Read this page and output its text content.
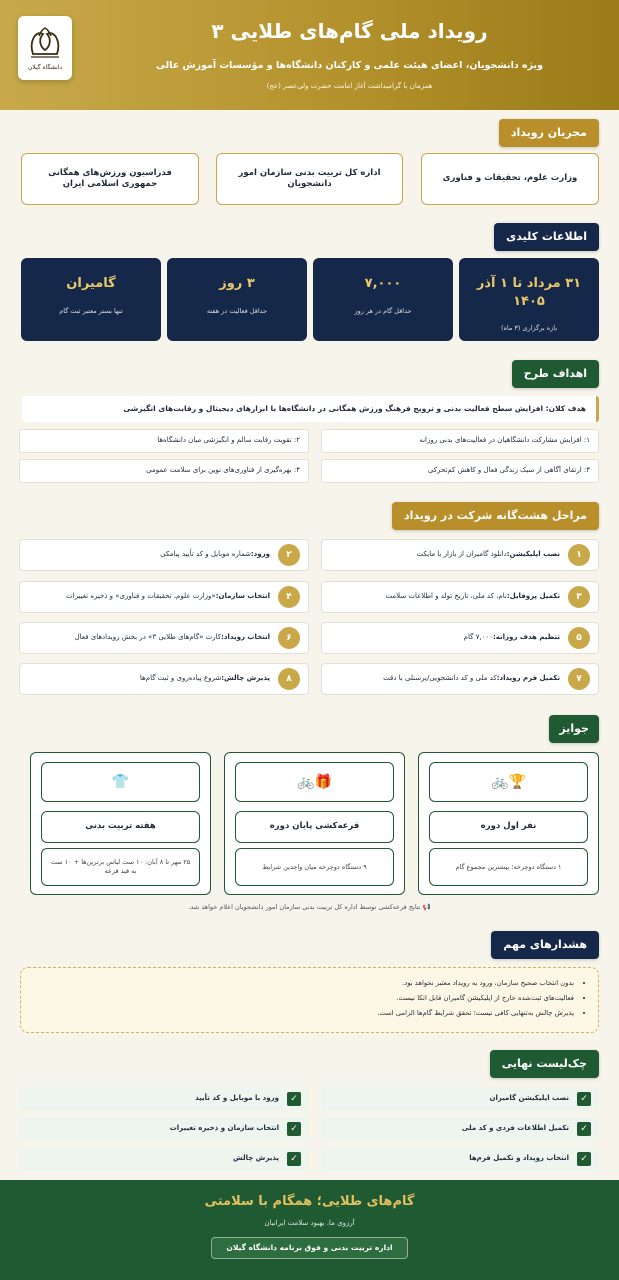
دانشگاه گیلان
رویداد ملی گام‌های طلایی ۳
ویژه دانشجویان، اعضای هیئت علمی و کارکنان دانشگاه‌ها و مؤسسات آموزش عالی
همزمان با گرامیداشت آغاز امامت حضرت ولی‌عصر (عج)
مجریان رویداد
وزارت علوم، تحقیقات و فناوری
اداره کل تربیت بدنی سازمان امور دانشجویان
فدراسیون ورزش‌های همگانی جمهوری اسلامی ایران
اطلاعات کلیدی
۳۱ مرداد تا ۱ آذر ۱۴۰۵
بازه برگزاری (۳ ماه)
۷,۰۰۰
حداقل گام در هر روز
۳ روز
حداقل فعالیت در هفته
گامیران
تنها بستر معتبر ثبت گام
اهداف طرح
هدف کلان: افزایش سطح فعالیت بدنی و ترویج فرهنگ ورزش همگانی در دانشگاه‌ها با ابزارهای دیجیتال و رقابت‌های انگیزشی
۱: افزایش مشارکت دانشگاهیان در فعالیت‌های بدنی روزانه
۲: تقویت رقابت سالم و انگیزشی میان دانشگاه‌ها
۳: ارتقای آگاهی از سبک زندگی فعال و کاهش کم‌تحرکی
۴: بهره‌گیری از فناوری‌های نوین برای سلامت عمومی
مراحل هشت‌گانه شرکت در رویداد
۱
نصب اپلیکیشن:دانلود گامیران از بازار یا مایکت
۲
ورود:شماره موبایل و کد تأیید پیامکی
۳
تکمیل پروفایل:نام، کد ملی، تاریخ تولد و اطلاعات سلامت
۴
انتخاب سازمان:«وزارت علوم، تحقیقات و فناوری» و ذخیره تغییرات
۵
تنظیم هدف روزانه:۷,۰۰۰ گام
۶
انتخاب رویداد:کارت «گام‌های طلایی ۳» در بخش رویدادهای فعال
۷
تکمیل فرم رویداد:کد ملی و کد دانشجویی/پرسنلی با دقت
۸
پذیرش چالش:شروع پیاده‌روی و ثبت گام‌ها
جوایز
🏆🚲
نفر اول دوره
۱ دستگاه دوچرخه؛ بیشترین مجموع گام
🎁🚲
قرعه‌کشی پایان دوره
۹ دستگاه دوچرخه میان واجدین شرایط
👕
هفته تربیت بدنی
۲۵ مهر تا ۸ آبان: ۱۰ ست لباس برترین‌ها + ۱۰ ست به قید قرعه
📢 نتایج قرعه‌کشی توسط اداره کل تربیت بدنی سازمان امور دانشجویان اعلام خواهد شد.
هشدارهای مهم
• بدون انتخاب صحیح سازمان، ورود به رویداد معتبر نخواهد بود.
• فعالیت‌های ثبت‌شده خارج از اپلیکیشن گامیران قابل اتکا نیست.
• پذیرش چالش به‌تنهایی کافی نیست؛ تحقق شرایط گام‌ها الزامی است.
چک‌لیست نهایی
✓
نصب اپلیکیشن گامیران
✓
ورود با موبایل و کد تأیید
✓
تکمیل اطلاعات فردی و کد ملی
✓
انتخاب سازمان و ذخیره تغییرات
✓
انتخاب رویداد و تکمیل فرم‌ها
✓
پذیرش چالش
گام‌های طلایی؛ همگام با سلامتی
آرزوی ما، بهبود سلامت ایرانیان
اداره تربیت بدنی و فوق برنامه دانشگاه گیلان
